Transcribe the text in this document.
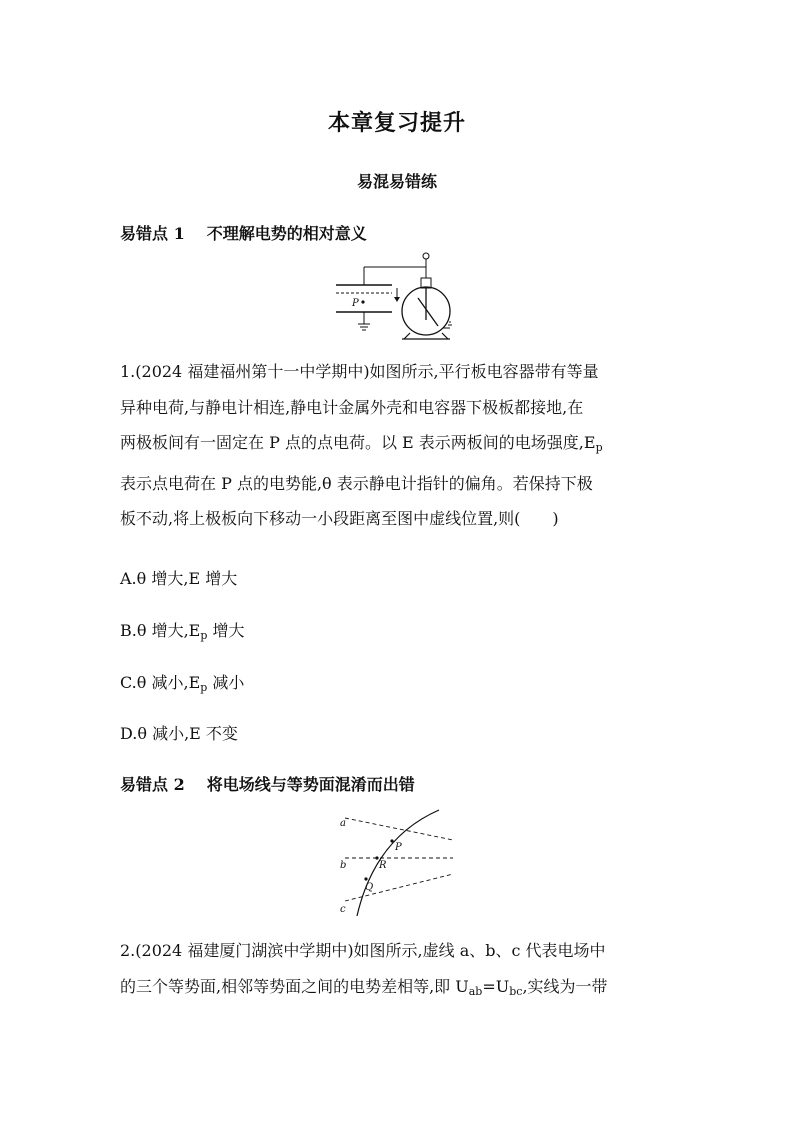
本章复习提升
易混易错练
易错点 1 不理解电势的相对意义
P
1.(2024 福建福州第十一中学期中)如图所示,平行板电容器带有等量
异种电荷,与静电计相连,静电计金属外壳和电容器下极板都接地,在
两极板间有一固定在 P 点的点电荷。以 E 表示两板间的电场强度$,E_p$
表示点电荷在 P 点的电势能,θ 表示静电计指针的偏角。若保持下极
板不动,将上极板向下移动一小段距离至图中虚线位置,则(　　)
A.θ 增大,E 增大
B.θ 增大$,E_p$ 增大
C.θ 减小$,E_p$ 减小
D.θ 减小,E 不变
易错点 2 将电场线与等势面混淆而出错
a
b
c
P
R
Q
2.(2024 福建厦门湖滨中学期中)如图所示,虚线 a、b、c 代表电场中
的三个等势面,相邻等势面之间的电势差相等,即 $U_{ab}=U_{bc}$,实线为一带
